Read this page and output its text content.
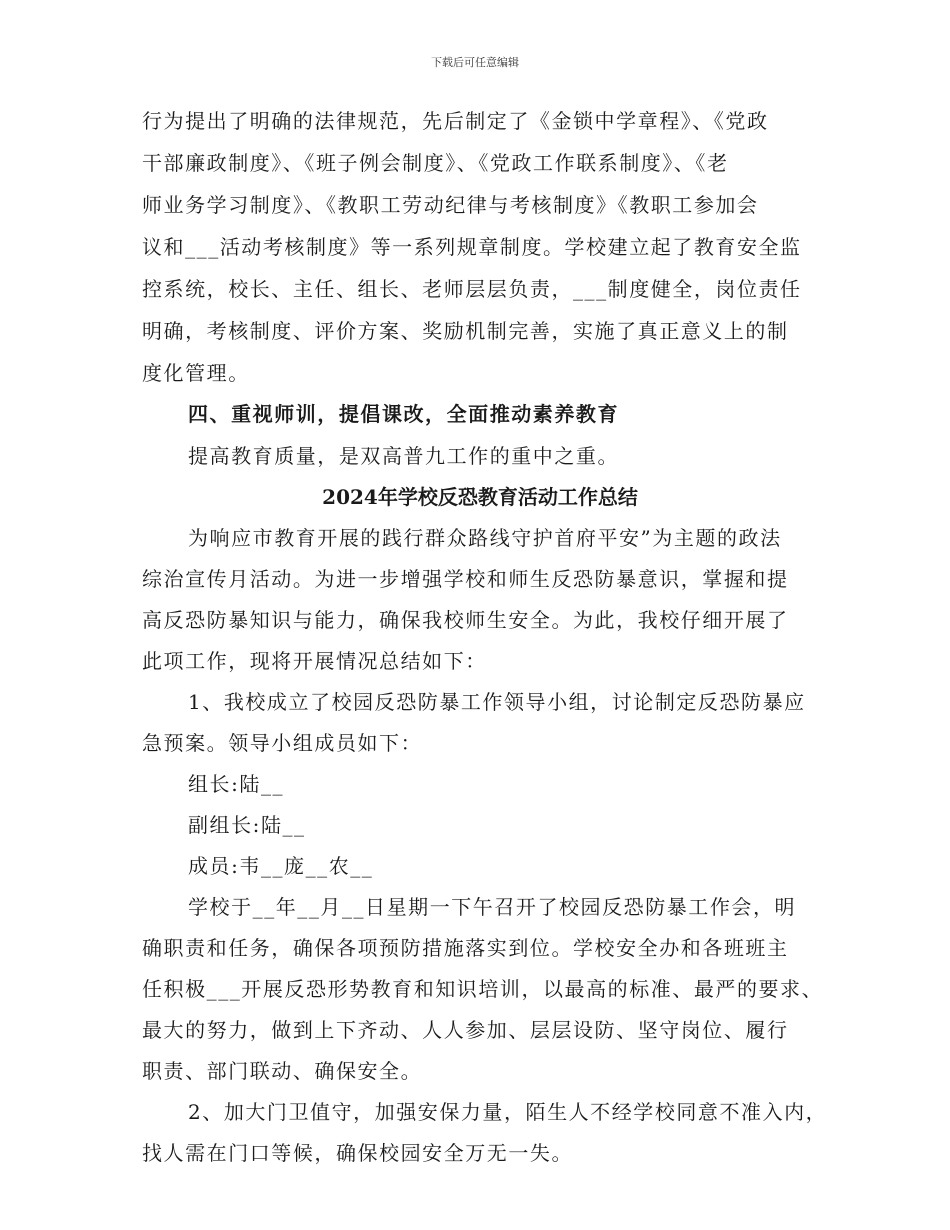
下载后可任意编辑
行为提出了明确的法律规范，先后制定了《金锁中学章程》、《党政
干部廉政制度》、《班子例会制度》、《党政工作联系制度》、《老
师业务学习制度》、《教职工劳动纪律与考核制度》《教职工参加会
议和___活动考核制度》等一系列规章制度。学校建立起了教育安全监
控系统，校长、主任、组长、老师层层负责，___制度健全，岗位责任
明确，考核制度、评价方案、奖励机制完善，实施了真正意义上的制
度化管理。
四、重视师训，提倡课改，全面推动素养教育
提高教育质量，是双高普九工作的重中之重。
2024年学校反恐教育活动工作总结
为响应市教育开展的践行群众路线守护首府平安”为主题的政法
综治宣传月活动。为进一步增强学校和师生反恐防暴意识，掌握和提
高反恐防暴知识与能力，确保我校师生安全。为此，我校仔细开展了
此项工作，现将开展情况总结如下：
1、我校成立了校园反恐防暴工作领导小组，讨论制定反恐防暴应
急预案。领导小组成员如下：
组长:陆__
副组长:陆__
成员:韦__庞__农__
学校于__年__月__日星期一下午召开了校园反恐防暴工作会，明
确职责和任务，确保各项预防措施落实到位。学校安全办和各班班主
任积极___开展反恐形势教育和知识培训，以最高的标准、最严的要求、
最大的努力，做到上下齐动、人人参加、层层设防、坚守岗位、履行
职责、部门联动、确保安全。
2、加大门卫值守，加强安保力量，陌生人不经学校同意不准入内，
找人需在门口等候，确保校园安全万无一失。
